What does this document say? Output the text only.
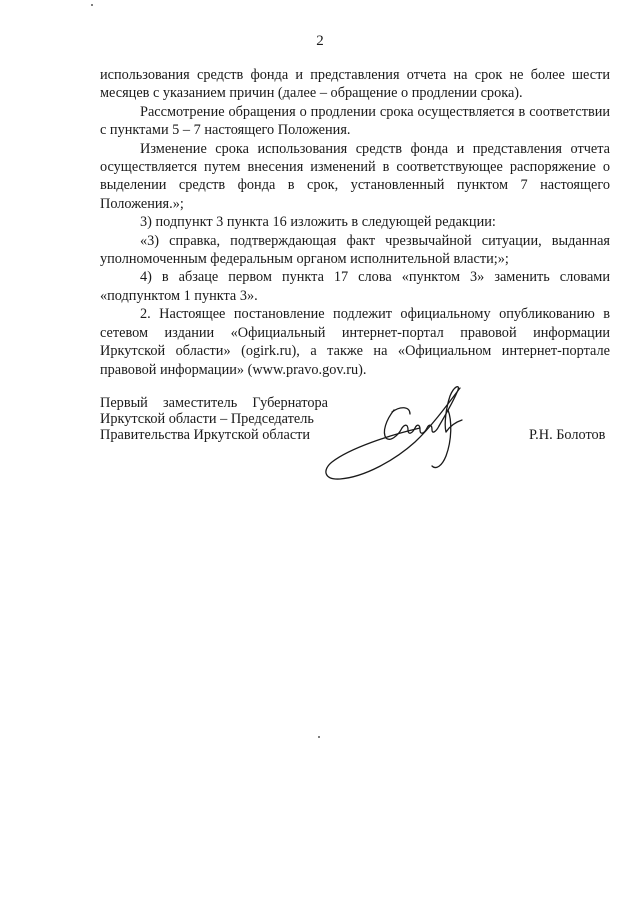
2

использования средств фонда и представления отчета на срок не более шести месяцев с указанием причин (далее – обращение о продлении срока).

Рассмотрение обращения о продлении срока осуществляется в соответствии с пунктами 5 – 7 настоящего Положения.

Изменение срока использования средств фонда и представления отчета осуществляется путем внесения изменений в соответствующее распоряжение о выделении средств фонда в срок, установленный пунктом 7 настоящего Положения.»;

3) подпункт 3 пункта 16 изложить в следующей редакции:

«3) справка, подтверждающая факт чрезвычайной ситуации, выданная уполномоченным федеральным органом исполнительной власти;»;

4) в абзаце первом пункта 17 слова «пунктом 3» заменить словами «подпунктом 1 пункта 3».

2. Настоящее постановление подлежит официальному опубликованию в сетевом издании «Официальный интернет-портал правовой информации Иркутской области» (ogirk.ru), а также на «Официальном интернет-портале правовой информации» (www.pravo.gov.ru).

Первый заместитель Губернатора
Иркутской области – Председатель
Правительства Иркутской области	Р.Н. Болотов
